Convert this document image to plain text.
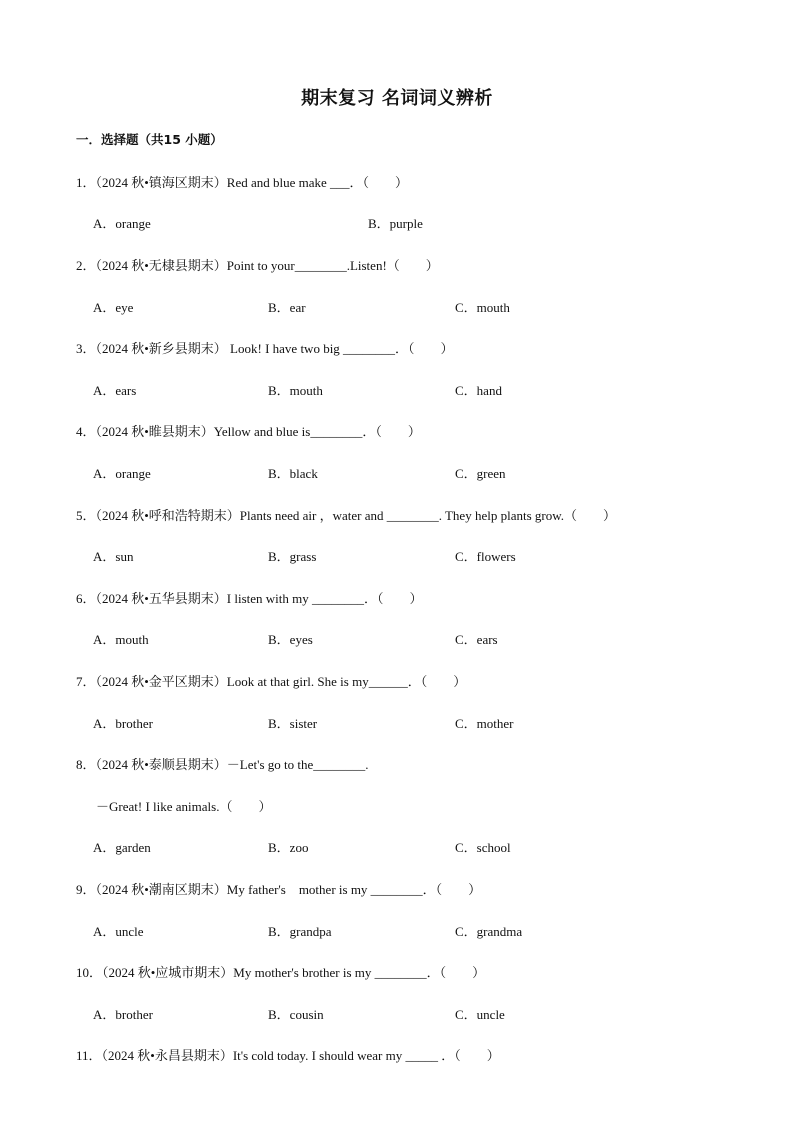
期末复习 名词词义辨析
一．选择题（共15 小题）
1．（2024 秋•镇海区期末）Red and blue make ___．（　　）
A．orange	B．purple
2．（2024 秋•无棣县期末）Point to your________.Listen!（　　）
A．eye	B．ear	C．mouth
3．（2024 秋•新乡县期末） Look! I have two big ________．（　　）
A．ears	B．mouth	C．hand
4．（2024 秋•睢县期末）Yellow and blue is________．（　　）
A．orange	B．black	C．green
5．（2024 秋•呼和浩特期末）Plants need air ，water and ________. They help plants grow.（　　）
A．sun	B．grass	C．flowers
6．（2024 秋•五华县期末）I listen with my ________．（　　）
A．mouth	B．eyes	C．ears
7．（2024 秋•金平区期末）Look at that girl. She is my______．（　　）
A．brother	B．sister	C．mother
8．（2024 秋•泰顺县期末）－Let's go to the________.
－Great! I like animals.（　　）
A．garden	B．zoo	C．school
9．（2024 秋•潮南区期末）My father's　mother is my ________．（　　）
A．uncle	B．grandpa	C．grandma
10．（2024 秋•应城市期末）My mother's brother is my ________．（　　）
A．brother	B．cousin	C．uncle
11．（2024 秋•永昌县期末）It's cold today. I should wear my _____ ．（　　）
